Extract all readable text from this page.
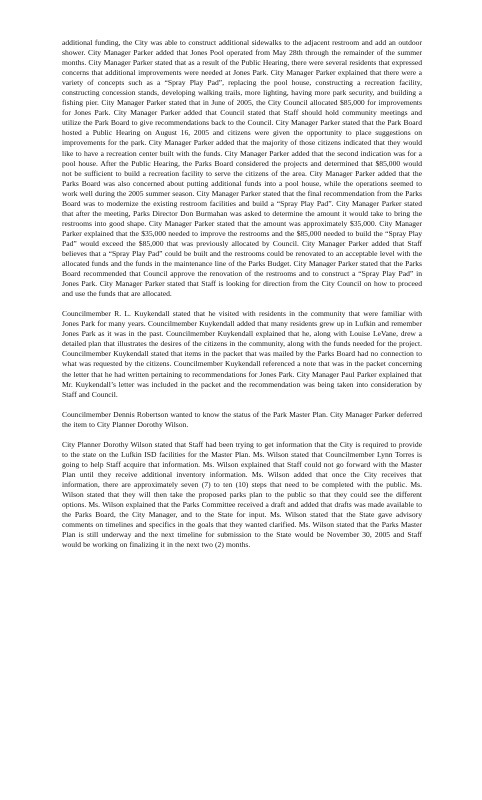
additional funding, the City was able to construct additional sidewalks to the adjacent restroom and add an outdoor shower. City Manager Parker added that Jones Pool operated from May 28th through the remainder of the summer months. City Manager Parker stated that as a result of the Public Hearing, there were several residents that expressed concerns that additional improvements were needed at Jones Park. City Manager Parker explained that there were a variety of concepts such as a “Spray Play Pad”, replacing the pool house, constructing a recreation facility, constructing concession stands, developing walking trails, more lighting, having more park security, and building a fishing pier. City Manager Parker stated that in June of 2005, the City Council allocated $85,000 for improvements for Jones Park. City Manager Parker added that Council stated that Staff should hold community meetings and utilize the Park Board to give recommendations back to the Council. City Manager Parker stated that the Park Board hosted a Public Hearing on August 16, 2005 and citizens were given the opportunity to place suggestions on improvements for the park. City Manager Parker added that the majority of those citizens indicated that they would like to have a recreation center built with the funds. City Manager Parker added that the second indication was for a pool house. After the Public Hearing, the Parks Board considered the projects and determined that $85,000 would not be sufficient to build a recreation facility to serve the citizens of the area. City Manager Parker added that the Parks Board was also concerned about putting additional funds into a pool house, while the operations seemed to work well during the 2005 summer season. City Manager Parker stated that the final recommendation from the Parks Board was to modernize the existing restroom facilities and build a “Spray Play Pad”. City Manager Parker stated that after the meeting, Parks Director Don Burmahan was asked to determine the amount it would take to bring the restrooms into good shape. City Manager Parker stated that the amount was approximately $35,000. City Manager Parker explained that the $35,000 needed to improve the restrooms and the $85,000 needed to build the “Spray Play Pad” would exceed the $85,000 that was previously allocated by Council. City Manager Parker added that Staff believes that a “Spray Play Pad” could be built and the restrooms could be renovated to an acceptable level with the allocated funds and the funds in the maintenance line of the Parks Budget. City Manager Parker stated that the Parks Board recommended that Council approve the renovation of the restrooms and to construct a “Spray Play Pad” in Jones Park. City Manager Parker stated that Staff is looking for direction from the City Council on how to proceed and use the funds that are allocated.

Councilmember R. L. Kuykendall stated that he visited with residents in the community that were familiar with Jones Park for many years. Councilmember Kuykendall added that many residents grew up in Lufkin and remember Jones Park as it was in the past. Councilmember Kuykendall explained that he, along with Louise LeVane, drew a detailed plan that illustrates the desires of the citizens in the community, along with the funds needed for the project. Councilmember Kuykendall stated that items in the packet that was mailed by the Parks Board had no connection to what was requested by the citizens. Councilmember Kuykendall referenced a note that was in the packet concerning the letter that he had written pertaining to recommendations for Jones Park. City Manager Paul Parker explained that Mr. Kuykendall’s letter was included in the packet and the recommendation was being taken into consideration by Staff and Council.

Councilmember Dennis Robertson wanted to know the status of the Park Master Plan. City Manager Parker deferred the item to City Planner Dorothy Wilson.

City Planner Dorothy Wilson stated that Staff had been trying to get information that the City is required to provide to the state on the Lufkin ISD facilities for the Master Plan. Ms. Wilson stated that Councilmember Lynn Torres is going to help Staff acquire that information. Ms. Wilson explained that Staff could not go forward with the Master Plan until they receive additional inventory information. Ms. Wilson added that once the City receives that information, there are approximately seven (7) to ten (10) steps that need to be completed with the public. Ms. Wilson stated that they will then take the proposed parks plan to the public so that they could see the different options. Ms. Wilson explained that the Parks Committee received a draft and added that drafts was made available to the Parks Board, the City Manager, and to the State for input. Ms. Wilson stated that the State gave advisory comments on timelines and specifics in the goals that they wanted clarified. Ms. Wilson stated that the Parks Master Plan is still underway and the next timeline for submission to the State would be November 30, 2005 and Staff would be working on finalizing it in the next two (2) months.
